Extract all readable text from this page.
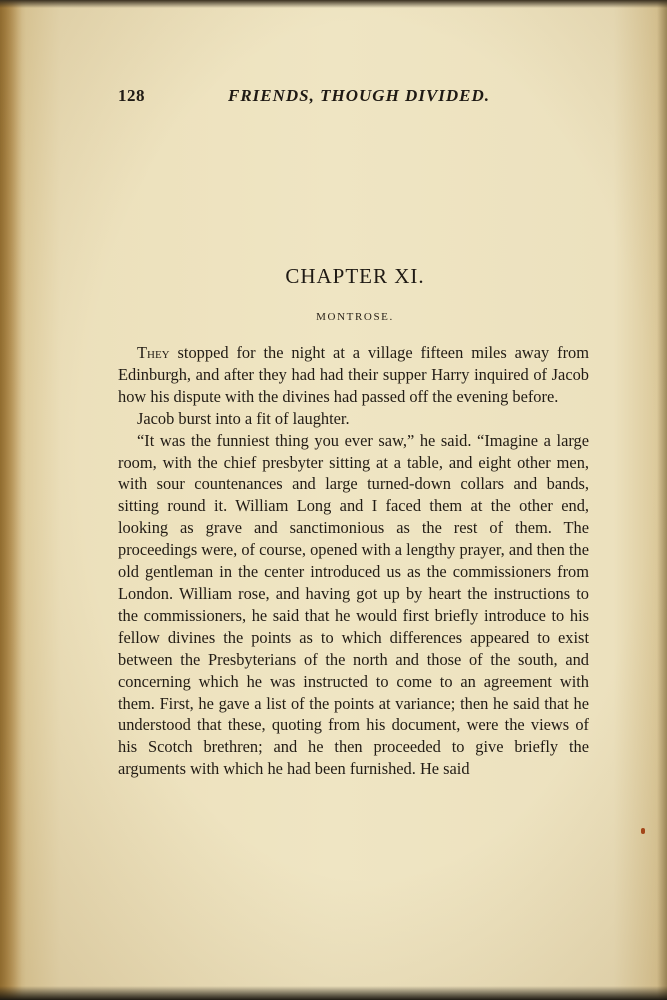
128	FRIENDS, THOUGH DIVIDED.
CHAPTER XI.
MONTROSE.

They stopped for the night at a village fifteen miles away from Edinburgh, and after they had had their supper Harry inquired of Jacob how his dispute with the divines had passed off the evening before.

Jacob burst into a fit of laughter.

“It was the funniest thing you ever saw,” he said. “Imagine a large room, with the chief presbyter sitting at a table, and eight other men, with sour countenances and large turned-down collars and bands, sitting round it. William Long and I faced them at the other end, looking as grave and sanctimonious as the rest of them. The proceedings were, of course, opened with a lengthy prayer, and then the old gentleman in the center introduced us as the commissioners from London. William rose, and having got up by heart the instructions to the commissioners, he said that he would first briefly introduce to his fellow divines the points as to which differences appeared to exist between the Presbyterians of the north and those of the south, and concerning which he was instructed to come to an agreement with them. First, he gave a list of the points at variance; then he said that he understood that these, quoting from his document, were the views of his Scotch brethren; and he then proceeded to give briefly the arguments with which he had been furnished. He said
